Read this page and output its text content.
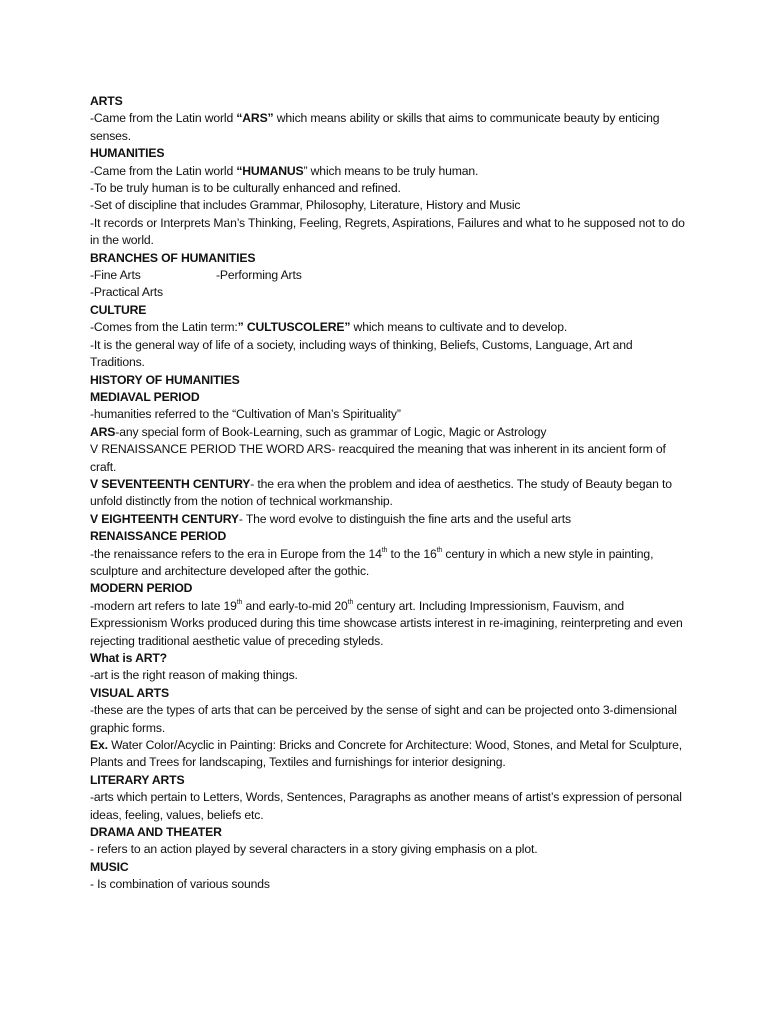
ARTS
-Came from the Latin world “ARS” which means ability or skills that aims to communicate beauty by enticing senses.
HUMANITIES
-Came from the Latin world “HUMANUS” which means to be truly human.
-To be truly human is to be culturally enhanced and refined.
-Set of discipline that includes Grammar, Philosophy, Literature, History and Music
-It records or Interprets Man’s Thinking, Feeling, Regrets, Aspirations, Failures and what to he supposed not to do in the world.
BRANCHES OF HUMANITIES
-Fine Arts	-Performing Arts
-Practical Arts
CULTURE
-Comes from the Latin term:” CULTUSCOLERE” which means to cultivate and to develop.
-It is the general way of life of a society, including ways of thinking, Beliefs, Customs, Language, Art and Traditions.
HISTORY OF HUMANITIES
MEDIAVAL PERIOD
-humanities referred to the “Cultivation of Man’s Spirituality”
ARS-any special form of Book-Learning, such as grammar of Logic, Magic or Astrology
V RENAISSANCE PERIOD THE WORD ARS- reacquired the meaning that was inherent in its ancient form of craft.
V SEVENTEENTH CENTURY- the era when the problem and idea of aesthetics. The study of Beauty began to unfold distinctly from the notion of technical workmanship.
V EIGHTEENTH CENTURY- The word evolve to distinguish the fine arts and the useful arts
RENAISSANCE PERIOD
-the renaissance refers to the era in Europe from the 14th to the 16th century in which a new style in painting, sculpture and architecture developed after the gothic.
MODERN PERIOD
-modern art refers to late 19th and early-to-mid 20th century art. Including Impressionism, Fauvism, and Expressionism Works produced during this time showcase artists interest in re-imagining, reinterpreting and even rejecting traditional aesthetic value of preceding styleds.
What is ART?
-art is the right reason of making things.
VISUAL ARTS
-these are the types of arts that can be perceived by the sense of sight and can be projected onto 3-dimensional graphic forms.
Ex. Water Color/Acyclic in Painting: Bricks and Concrete for Architecture: Wood, Stones, and Metal for Sculpture, Plants and Trees for landscaping, Textiles and furnishings for interior designing.
LITERARY ARTS
-arts which pertain to Letters, Words, Sentences, Paragraphs as another means of artist’s expression of personal ideas, feeling, values, beliefs etc.
DRAMA AND THEATER
- refers to an action played by several characters in a story giving emphasis on a plot.
MUSIC
- Is combination of various sounds
